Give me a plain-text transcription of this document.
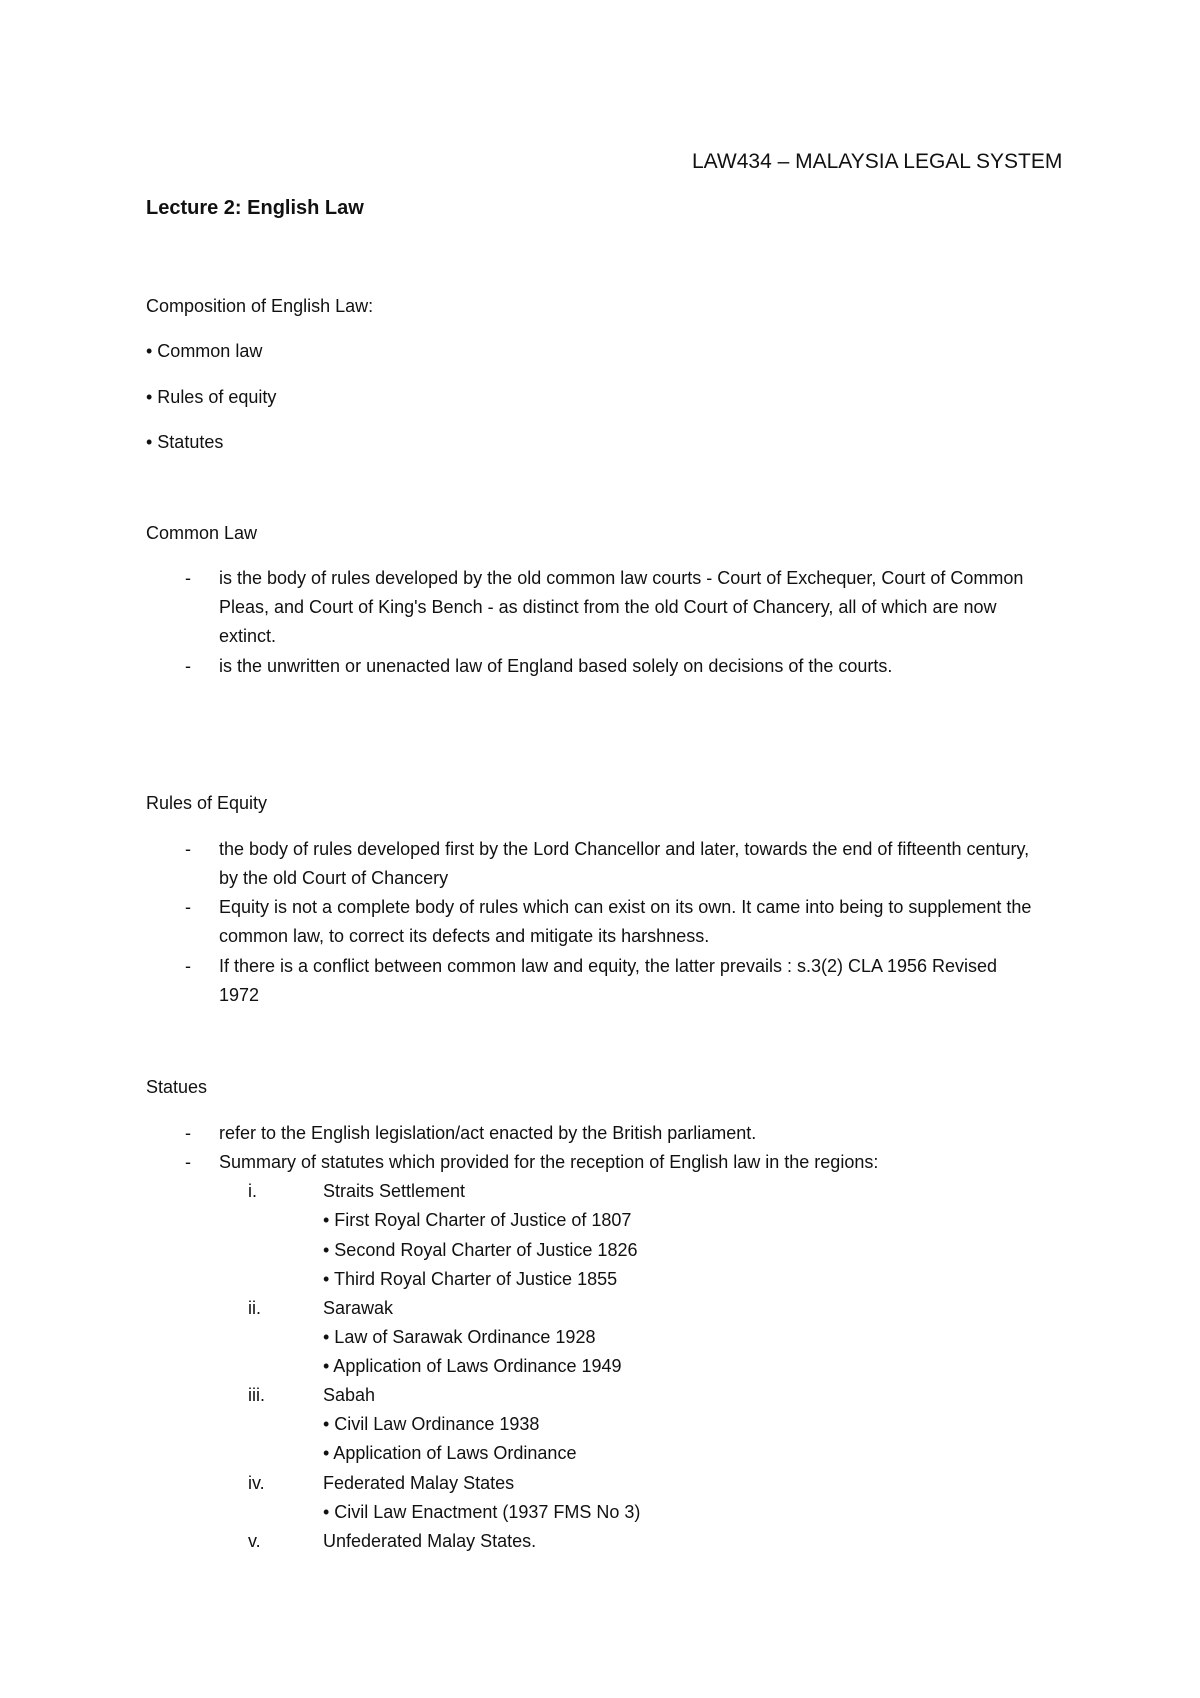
LAW434 – MALAYSIA LEGAL SYSTEM
Lecture 2: English Law
Composition of English Law:
• Common law
• Rules of equity
• Statutes
Common Law
- is the body of rules developed by the old common law courts - Court of Exchequer, Court of Common Pleas, and Court of King's Bench - as distinct from the old Court of Chancery, all of which are now extinct.
- is the unwritten or unenacted law of England based solely on decisions of the courts.
Rules of Equity
- the body of rules developed first by the Lord Chancellor and later, towards the end of fifteenth century, by the old Court of Chancery
- Equity is not a complete body of rules which can exist on its own. It came into being to supplement the common law, to correct its defects and mitigate its harshness.
- If there is a conflict between common law and equity, the latter prevails : s.3(2) CLA 1956 Revised 1972
Statues
- refer to the English legislation/act enacted by the British parliament.
- Summary of statutes which provided for the reception of English law in the regions:
i.	Straits Settlement
• First Royal Charter of Justice of 1807
• Second Royal Charter of Justice 1826
• Third Royal Charter of Justice 1855
ii.	Sarawak
• Law of Sarawak Ordinance 1928
• Application of Laws Ordinance 1949
iii.	Sabah
• Civil Law Ordinance 1938
• Application of Laws Ordinance
iv.	Federated Malay States
• Civil Law Enactment (1937 FMS No 3)
v.	Unfederated Malay States.
